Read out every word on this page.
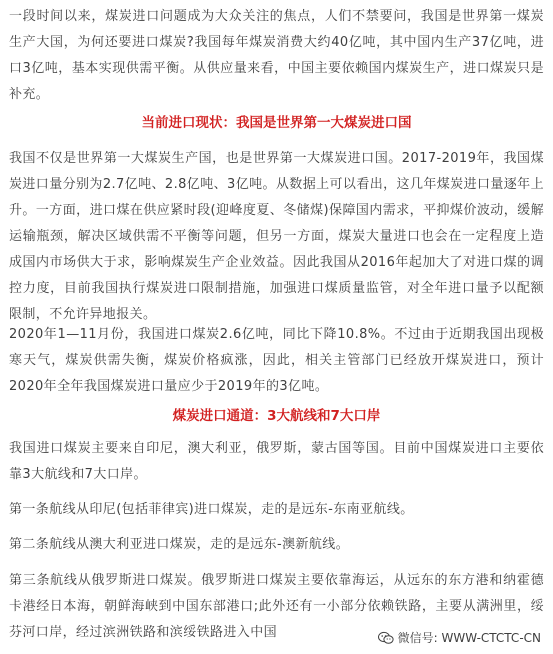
一段时间以来，煤炭进口问题成为大众关注的焦点，人们不禁要问，我国是世界第一煤炭生产大国，为何还要进口煤炭?我国每年煤炭消费大约40亿吨，其中国内生产37亿吨，进口3亿吨，基本实现供需平衡。从供应量来看，中国主要依赖国内煤炭生产，进口煤炭只是补充。

当前进口现状：我国是世界第一大煤炭进口国

我国不仅是世界第一大煤炭生产国，也是世界第一大煤炭进口国。2017-2019年，我国煤炭进口量分别为2.7亿吨、2.8亿吨、3亿吨。从数据上可以看出，这几年煤炭进口量逐年上升。一方面，进口煤在供应紧时段(迎峰度夏、冬储煤)保障国内需求，平抑煤价波动，缓解运输瓶颈，解决区域供需不平衡等问题，但另一方面，煤炭大量进口也会在一定程度上造成国内市场供大于求，影响煤炭生产企业效益。因此我国从2016年起加大了对进口煤的调控力度，目前我国执行煤炭进口限制措施，加强进口煤质量监管，对全年进口量予以配额限制，不允许异地报关。

2020年1—11月份，我国进口煤炭2.6亿吨，同比下降10.8%。不过由于近期我国出现极寒天气，煤炭供需失衡，煤炭价格疯涨，因此，相关主管部门已经放开煤炭进口，预计2020年全年我国煤炭进口量应少于2019年的3亿吨。

煤炭进口通道：3大航线和7大口岸

我国进口煤炭主要来自印尼，澳大利亚，俄罗斯，蒙古国等国。目前中国煤炭进口主要依靠3大航线和7大口岸。

第一条航线从印尼(包括菲律宾)进口煤炭，走的是远东-东南亚航线。

第二条航线从澳大利亚进口煤炭，走的是远东-澳新航线。

第三条航线从俄罗斯进口煤炭。俄罗斯进口煤炭主要依靠海运，从远东的东方港和纳霍德卡港经日本海，朝鲜海峡到中国东部港口;此外还有一小部分依赖铁路，主要从满洲里，绥芬河口岸，经过滨洲铁路和滨绥铁路进入中国	微信号: WWW-CTCTC-CN
